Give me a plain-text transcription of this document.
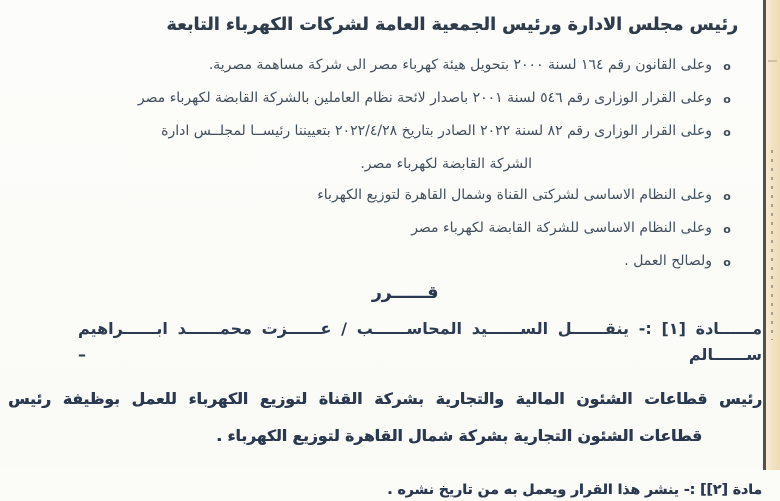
رئيس مجلس الادارة ورئيس الجمعية العامة لشركات الكهرباء التابعة
o
وعلى القانون رقم ١٦٤ لسنة ٢٠٠٠ بتحويل هيئة كهرباء مصر الى شركة مساهمة مصرية.
o
وعلى القرار الوزارى رقم ٥٤٦ لسنة ٢٠٠١ باصدار لائحة نظام العاملين بالشركة القابضة لكهرباء مصر
o
وعلى القرار الوزارى رقم ٨٢ لسنة ٢٠٢٢ الصادر بتاريخ ٢٠٢٢/٤/٢٨ بتعييننا رئيســا لمجلــس ادارة
الشركة القابضة لكهرباء مصر.
o
وعلى النظام الاساسى لشركتى القناة وشمال القاهرة لتوزيع الكهرباء
o
وعلى النظام الاساسى للشركة القابضة لكهرباء مصر
o
ولصالح العمل .
قــــــرر

مــــــادة [١] :- ينقــــــل الســــــيد المحاســــــب / عــــــزت محمــــــد ابــــــراهيم ســــــالم –

رئيس قطاعات الشئون المالية والتجارية بشركة القناة لتوزيع الكهرباء للعمل بوظيفة رئيس

قطاعات الشئون التجارية بشركة شمال القاهرة لتوزيع الكهرباء .

مادة [٢]] :- ينشر هذا القرار ويعمل به من تاريخ نشره .
